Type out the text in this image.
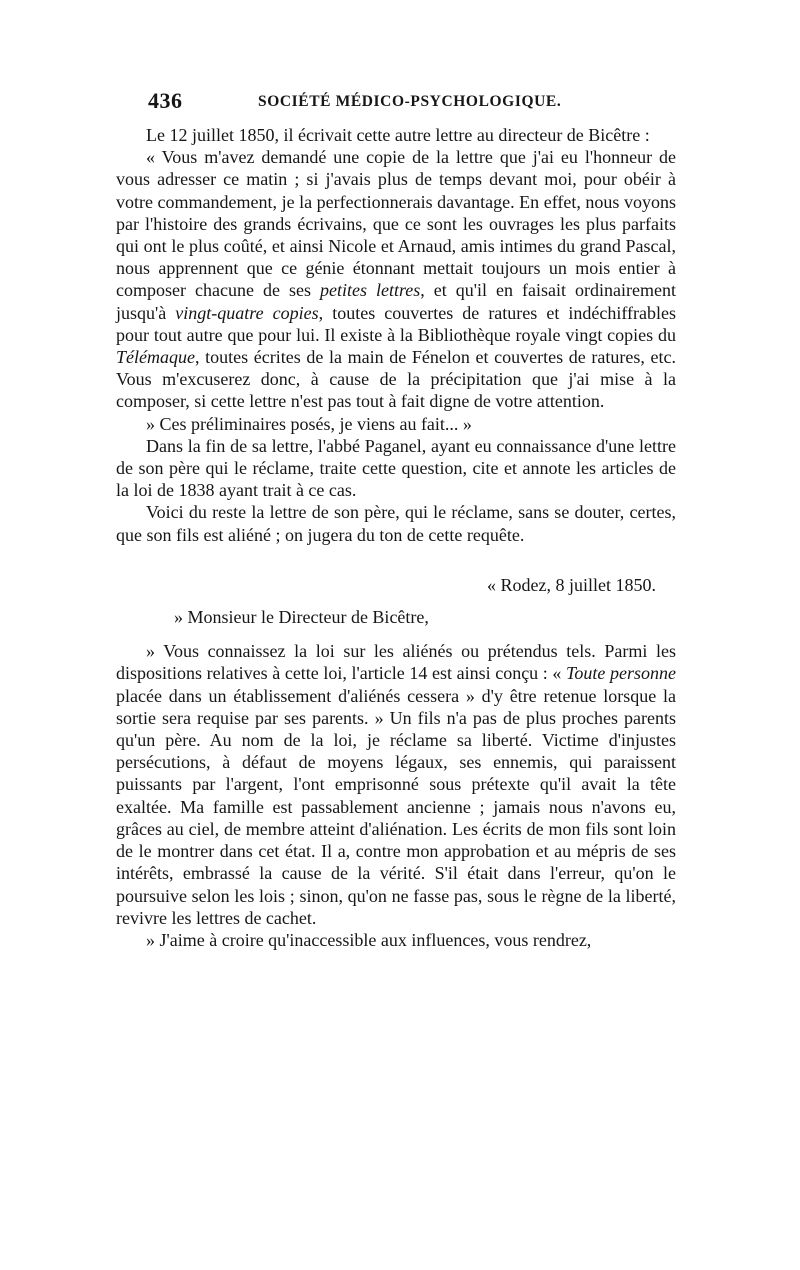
436	SOCIÉTÉ MÉDICO-PSYCHOLOGIQUE.

Le 12 juillet 1850, il écrivait cette autre lettre au directeur de Bicêtre :

« Vous m'avez demandé une copie de la lettre que j'ai eu l'honneur de vous adresser ce matin ; si j'avais plus de temps devant moi, pour obéir à votre commandement, je la perfectionnerais davantage. En effet, nous voyons par l'histoire des grands écrivains, que ce sont les ouvrages les plus parfaits qui ont le plus coûté, et ainsi Nicole et Arnaud, amis intimes du grand Pascal, nous apprennent que ce génie étonnant mettait toujours un mois entier à composer chacune de ses petites lettres, et qu'il en faisait ordinairement jusqu'à vingt-quatre copies, toutes couvertes de ratures et indéchiffrables pour tout autre que pour lui. Il existe à la Bibliothèque royale vingt copies du Télémaque, toutes écrites de la main de Fénelon et couvertes de ratures, etc. Vous m'excuserez donc, à cause de la précipitation que j'ai mise à la composer, si cette lettre n'est pas tout à fait digne de votre attention.

» Ces préliminaires posés, je viens au fait... »

Dans la fin de sa lettre, l'abbé Paganel, ayant eu connaissance d'une lettre de son père qui le réclame, traite cette question, cite et annote les articles de la loi de 1838 ayant trait à ce cas.

Voici du reste la lettre de son père, qui le réclame, sans se douter, certes, que son fils est aliéné ; on jugera du ton de cette requête.

« Rodez, 8 juillet 1850.

» Monsieur le Directeur de Bicêtre,

» Vous connaissez la loi sur les aliénés ou prétendus tels. Parmi les dispositions relatives à cette loi, l'article 14 est ainsi conçu : « Toute personne placée dans un établissement d'aliénés cessera » d'y être retenue lorsque la sortie sera requise par ses parents. » Un fils n'a pas de plus proches parents qu'un père. Au nom de la loi, je réclame sa liberté. Victime d'injustes persécutions, à défaut de moyens légaux, ses ennemis, qui paraissent puissants par l'argent, l'ont emprisonné sous prétexte qu'il avait la tête exaltée. Ma famille est passablement ancienne ; jamais nous n'avons eu, grâces au ciel, de membre atteint d'aliénation. Les écrits de mon fils sont loin de le montrer dans cet état. Il a, contre mon approbation et au mépris de ses intérêts, embrassé la cause de la vérité. S'il était dans l'erreur, qu'on le poursuive selon les lois ; sinon, qu'on ne fasse pas, sous le règne de la liberté, revivre les lettres de cachet.

» J'aime à croire qu'inaccessible aux influences, vous rendrez,
